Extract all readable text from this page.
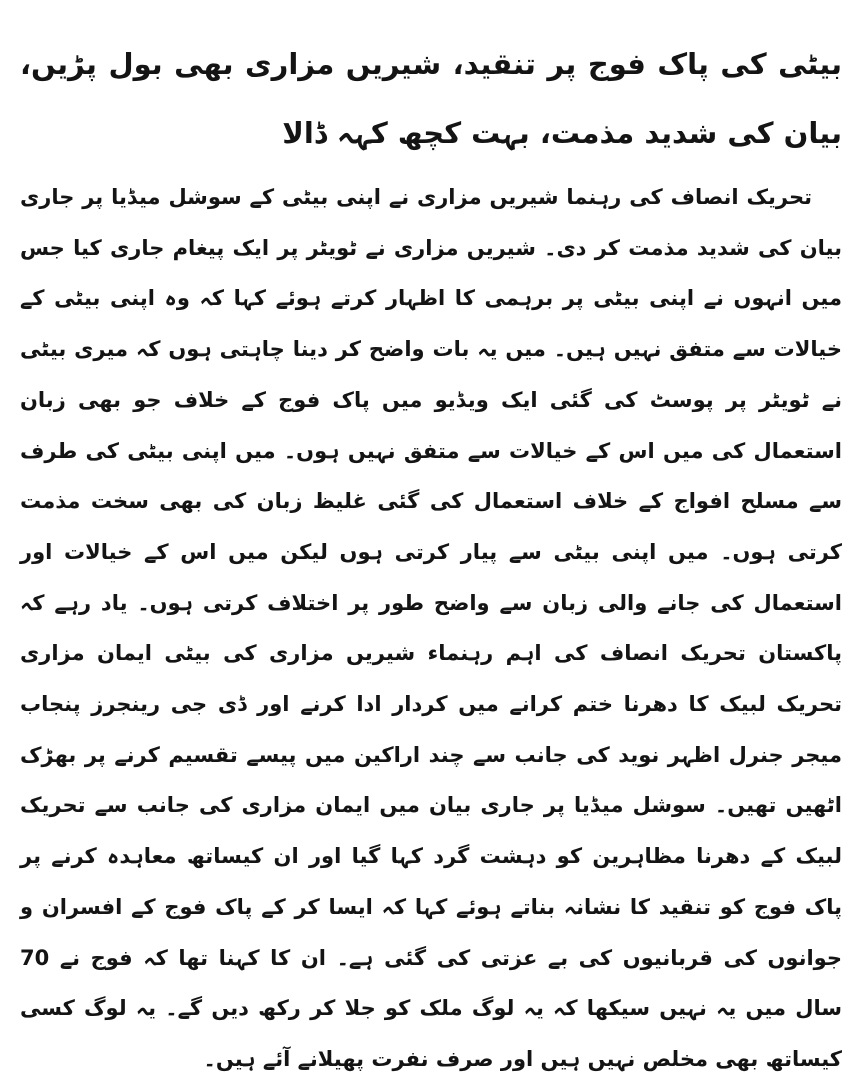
بیٹی کی پاک فوج پر تنقید، شیریں مزاری بھی بول پڑیں، بیان کی شدید مذمت، بہت کچھ کہہ ڈالا

تحریک انصاف کی رہنما شیریں مزاری نے اپنی بیٹی کے سوشل میڈیا پر جاری بیان کی شدید مذمت کر دی۔ شیریں مزاری نے ٹویٹر پر ایک پیغام جاری کیا جس میں انہوں نے اپنی بیٹی پر برہمی کا اظہار کرتے ہوئے کہا کہ وہ اپنی بیٹی کے خیالات سے متفق نہیں ہیں۔ میں یہ بات واضح کر دینا چاہتی ہوں کہ میری بیٹی نے ٹویٹر پر پوسٹ کی گئی ایک ویڈیو میں پاک فوج کے خلاف جو بھی زبان استعمال کی میں اس کے خیالات سے متفق نہیں ہوں۔ میں اپنی بیٹی کی طرف سے مسلح افواج کے خلاف استعمال کی گئی غلیظ زبان کی بھی سخت مذمت کرتی ہوں۔ میں اپنی بیٹی سے پیار کرتی ہوں لیکن میں اس کے خیالات اور استعمال کی جانے والی زبان سے واضح طور پر اختلاف کرتی ہوں۔ یاد رہے کہ پاکستان تحریک انصاف کی اہم رہنماء شیریں مزاری کی بیٹی ایمان مزاری تحریک لبیک کا دھرنا ختم کرانے میں کردار ادا کرنے اور ڈی جی رینجرز پنجاب میجر جنرل اظہر نوید کی جانب سے چند اراکین میں پیسے تقسیم کرنے پر بھڑک اٹھیں تھیں۔ سوشل میڈیا پر جاری بیان میں ایمان مزاری کی جانب سے تحریک لبیک کے دھرنا مظاہرین کو دہشت گرد کہا گیا اور ان کیساتھ معاہدہ کرنے پر پاک فوج کو تنقید کا نشانہ بناتے ہوئے کہا کہ ایسا کر کے پاک فوج کے افسران و جوانوں کی قربانیوں کی بے عزتی کی گئی ہے۔ ان کا کہنا تھا کہ فوج نے 70 سال میں یہ نہیں سیکھا کہ یہ لوگ ملک کو جلا کر رکھ دیں گے۔ یہ لوگ کسی کیساتھ بھی مخلص نہیں ہیں اور صرف نفرت پھیلانے آئے ہیں۔
